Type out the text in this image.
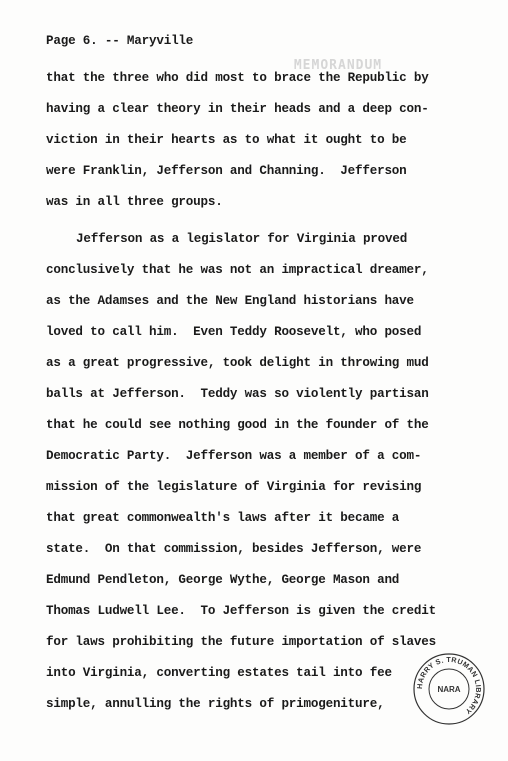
MEMORANDUM
Page 6. -- Maryville
that the three who did most to brace the Republic by
having a clear theory in their heads and a deep con-
viction in their hearts as to what it ought to be
were Franklin, Jefferson and Channing.  Jefferson
was in all three groups.
Jefferson as a legislator for Virginia proved
conclusively that he was not an impractical dreamer,
as the Adamses and the New England historians have
loved to call him.  Even Teddy Roosevelt, who posed
as a great progressive, took delight in throwing mud
balls at Jefferson.  Teddy was so violently partisan
that he could see nothing good in the founder of the
Democratic Party.  Jefferson was a member of a com-
mission of the legislature of Virginia for revising
that great commonwealth's laws after it became a
state.  On that commission, besides Jefferson, were
Edmund Pendleton, George Wythe, George Mason and
Thomas Ludwell Lee.  To Jefferson is given the credit
for laws prohibiting the future importation of slaves
into Virginia, converting estates tail into fee
simple, annulling the rights of primogeniture,
HARRY S. TRUMAN LIBRARY
NARA
